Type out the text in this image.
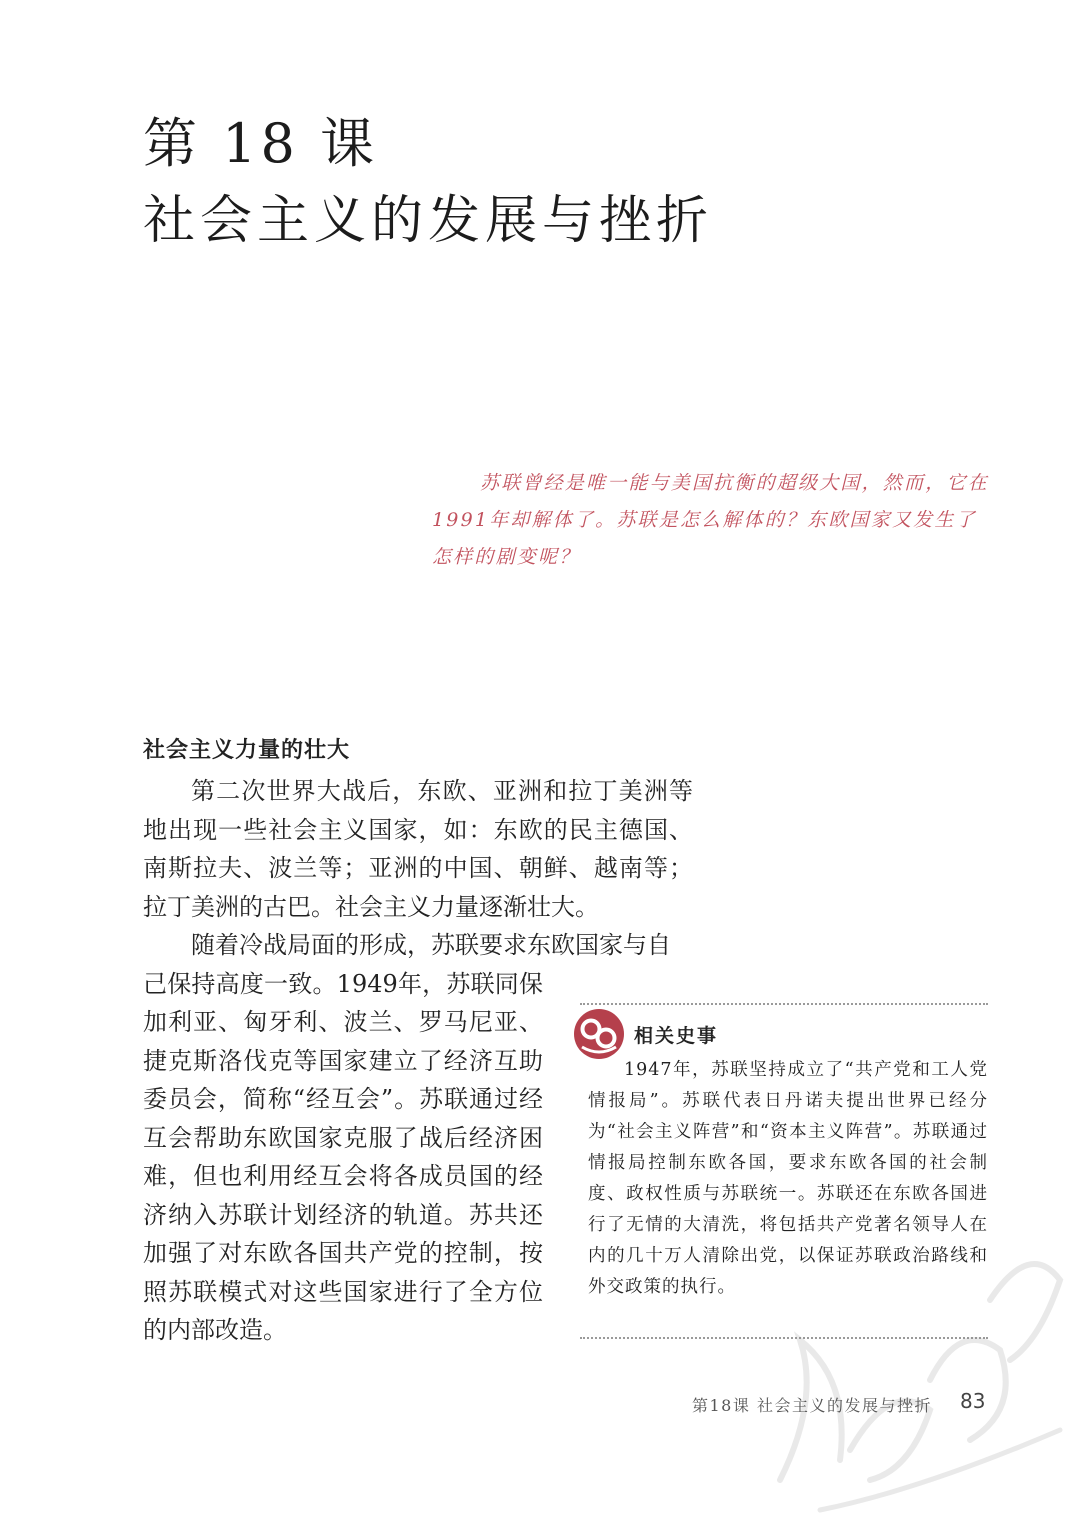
第 18 课
社会主义的发展与挫折
苏联曾经是唯一能与美国抗衡的超级大国，然而，它在1991年却解体了。苏联是怎么解体的？东欧国家又发生了怎样的剧变呢？
社会主义力量的壮大

第二次世界大战后，东欧、亚洲和拉丁美洲等地出现一些社会主义国家，如：东欧的民主德国、南斯拉夫、波兰等；亚洲的中国、朝鲜、越南等；拉丁美洲的古巴。社会主义力量逐渐壮大。

随着冷战局面的形成，苏联要求东欧国家与自

己保持高度一致。1949年，苏联同保加利亚、匈牙利、波兰、罗马尼亚、捷克斯洛伐克等国家建立了经济互助委员会，简称“经互会”。苏联通过经互会帮助东欧国家克服了战后经济困难，但也利用经互会将各成员国的经济纳入苏联计划经济的轨道。苏共还加强了对东欧各国共产党的控制，按照苏联模式对这些国家进行了全方位的内部改造。

相关史事

1947年，苏联坚持成立了“共产党和工人党情报局”。苏联代表日丹诺夫提出世界已经分为“社会主义阵营”和“资本主义阵营”。苏联通过情报局控制东欧各国，要求东欧各国的社会制度、政权性质与苏联统一。苏联还在东欧各国进行了无情的大清洗，将包括共产党著名领导人在内的几十万人清除出党，以保证苏联政治路线和外交政策的执行。

第18课 社会主义的发展与挫折 83
